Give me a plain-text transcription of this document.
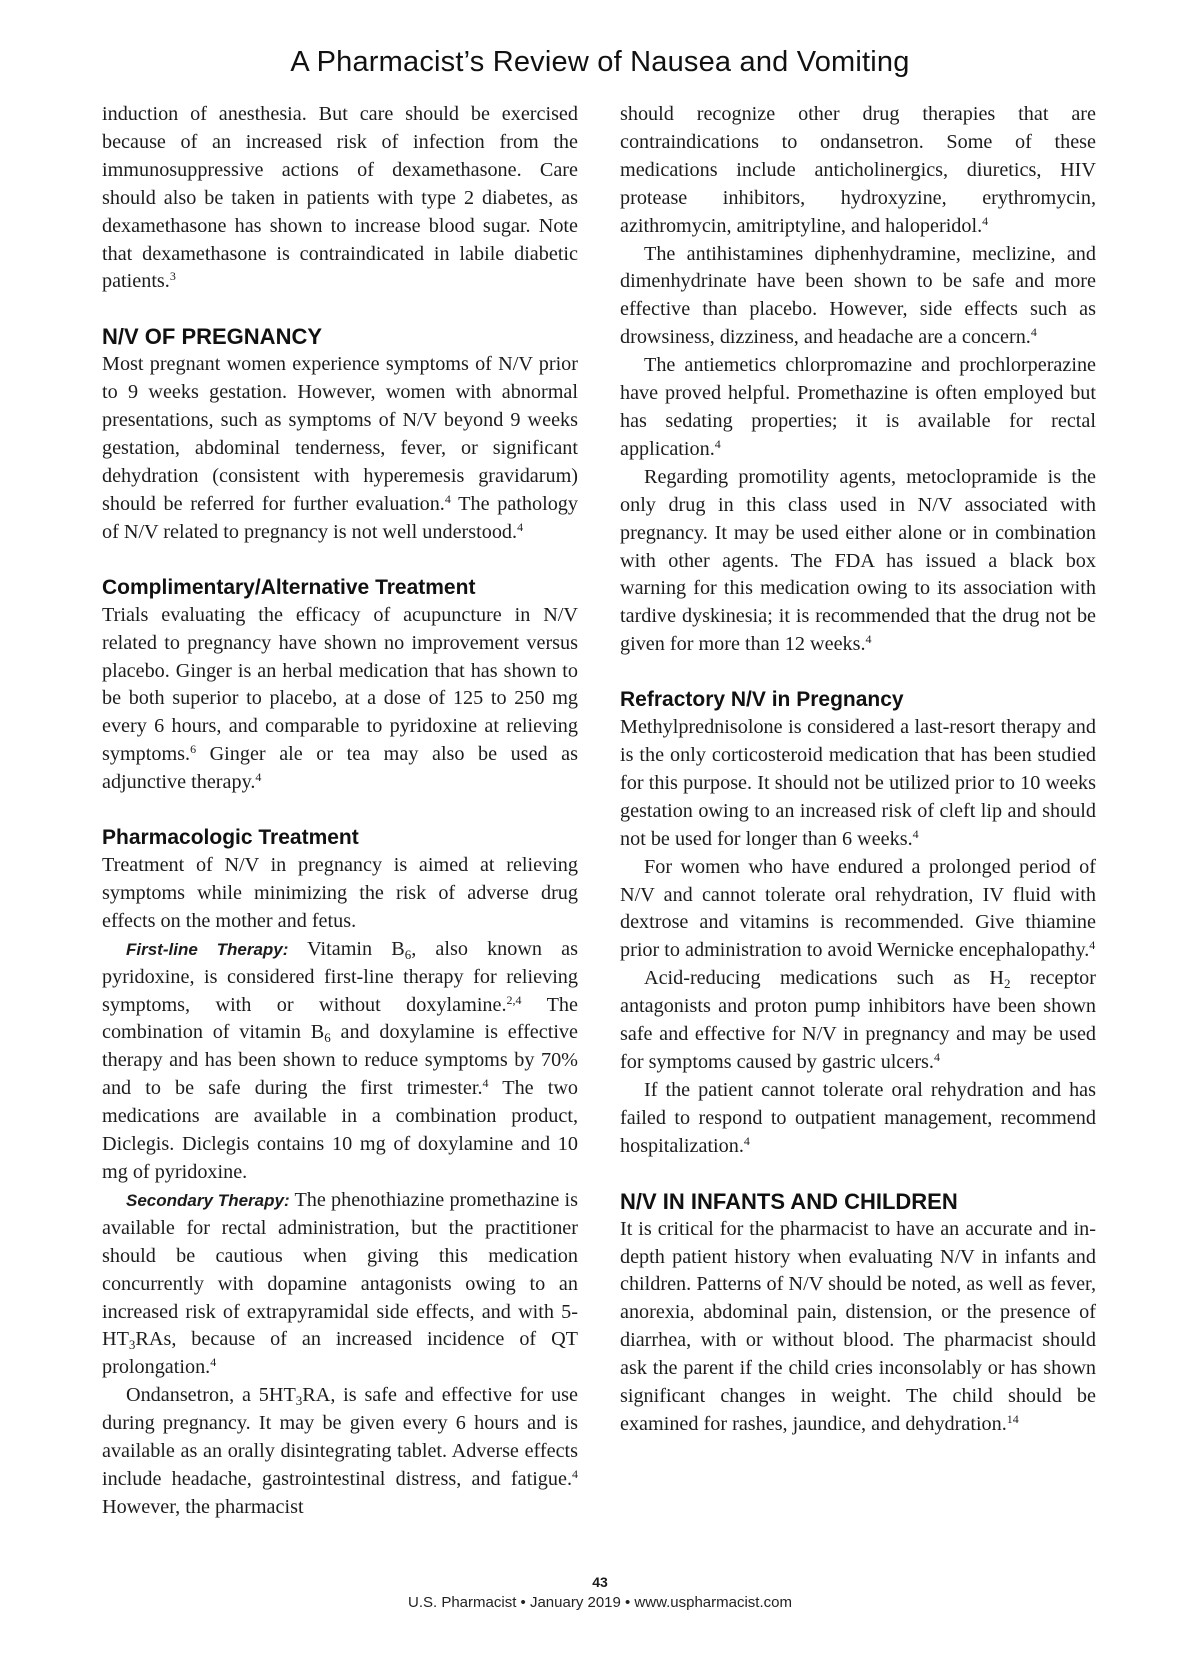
A Pharmacist’s Review of Nausea and Vomiting

induction of anesthesia. But care should be exercised because of an increased risk of infection from the immunosuppressive actions of dexamethasone. Care should also be taken in patients with type 2 diabetes, as dexamethasone has shown to increase blood sugar. Note that dexamethasone is contraindicated in labile diabetic patients.$^3$

N/V OF PREGNANCY

Most pregnant women experience symptoms of N/V prior to 9 weeks gestation. However, women with abnormal presentations, such as symptoms of N/V beyond 9 weeks gestation, abdominal tenderness, fever, or significant dehydration (consistent with hyperemesis gravidarum) should be referred for further evaluation.$^4$ The pathology of N/V related to pregnancy is not well understood.$^4$

Complimentary/Alternative Treatment

Trials evaluating the efficacy of acupuncture in N/V related to pregnancy have shown no improvement versus placebo. Ginger is an herbal medication that has shown to be both superior to placebo, at a dose of 125 to 250 mg every 6 hours, and comparable to pyridoxine at relieving symptoms.$^6$ Ginger ale or tea may also be used as adjunctive therapy.$^4$

Pharmacologic Treatment

Treatment of N/V in pregnancy is aimed at relieving symptoms while minimizing the risk of adverse drug effects on the mother and fetus.

First-line Therapy: Vitamin $B_6$, also known as pyridoxine, is considered first-line therapy for relieving symptoms, with or without doxylamine.$^{2,4}$ The combination of vitamin $B_6$ and doxylamine is effective therapy and has been shown to reduce symptoms by 70% and to be safe during the first trimester.$^4$ The two medications are available in a combination product, Diclegis. Diclegis contains 10 mg of doxylamine and 10 mg of pyridoxine.

Secondary Therapy: The phenothiazine promethazine is available for rectal administration, but the practitioner should be cautious when giving this medication concurrently with dopamine antagonists owing to an increased risk of extrapyramidal side effects, and with $5-HT_3RAs$, because of an increased incidence of QT prolongation.$^4$

Ondansetron, a $5HT_3RA$, is safe and effective for use during pregnancy. It may be given every 6 hours and is available as an orally disintegrating tablet. Adverse effects include headache, gastrointestinal distress, and fatigue.$^4$ However, the pharmacist

should recognize other drug therapies that are contraindications to ondansetron. Some of these medications include anticholinergics, diuretics, HIV protease inhibitors, hydroxyzine, erythromycin, azithromycin, amitriptyline, and haloperidol.$^4$

The antihistamines diphenhydramine, meclizine, and dimenhydrinate have been shown to be safe and more effective than placebo. However, side effects such as drowsiness, dizziness, and headache are a concern.$^4$

The antiemetics chlorpromazine and prochlorperazine have proved helpful. Promethazine is often employed but has sedating properties; it is available for rectal application.$^4$

Regarding promotility agents, metoclopramide is the only drug in this class used in N/V associated with pregnancy. It may be used either alone or in combination with other agents. The FDA has issued a black box warning for this medication owing to its association with tardive dyskinesia; it is recommended that the drug not be given for more than 12 weeks.$^4$

Refractory N/V in Pregnancy

Methylprednisolone is considered a last-resort therapy and is the only corticosteroid medication that has been studied for this purpose. It should not be utilized prior to 10 weeks gestation owing to an increased risk of cleft lip and should not be used for longer than 6 weeks.$^4$

For women who have endured a prolonged period of N/V and cannot tolerate oral rehydration, IV fluid with dextrose and vitamins is recommended. Give thiamine prior to administration to avoid Wernicke encephalopathy.$^4$

Acid-reducing medications such as $H_2$ receptor antagonists and proton pump inhibitors have been shown safe and effective for N/V in pregnancy and may be used for symptoms caused by gastric ulcers.$^4$

If the patient cannot tolerate oral rehydration and has failed to respond to outpatient management, recommend hospitalization.$^4$

N/V IN INFANTS AND CHILDREN

It is critical for the pharmacist to have an accurate and in-depth patient history when evaluating N/V in infants and children. Patterns of N/V should be noted, as well as fever, anorexia, abdominal pain, distension, or the presence of diarrhea, with or without blood. The pharmacist should ask the parent if the child cries inconsolably or has shown significant changes in weight. The child should be examined for rashes, jaundice, and dehydration.$^{14}$

43
U.S. Pharmacist • January 2019 • www.uspharmacist.com
